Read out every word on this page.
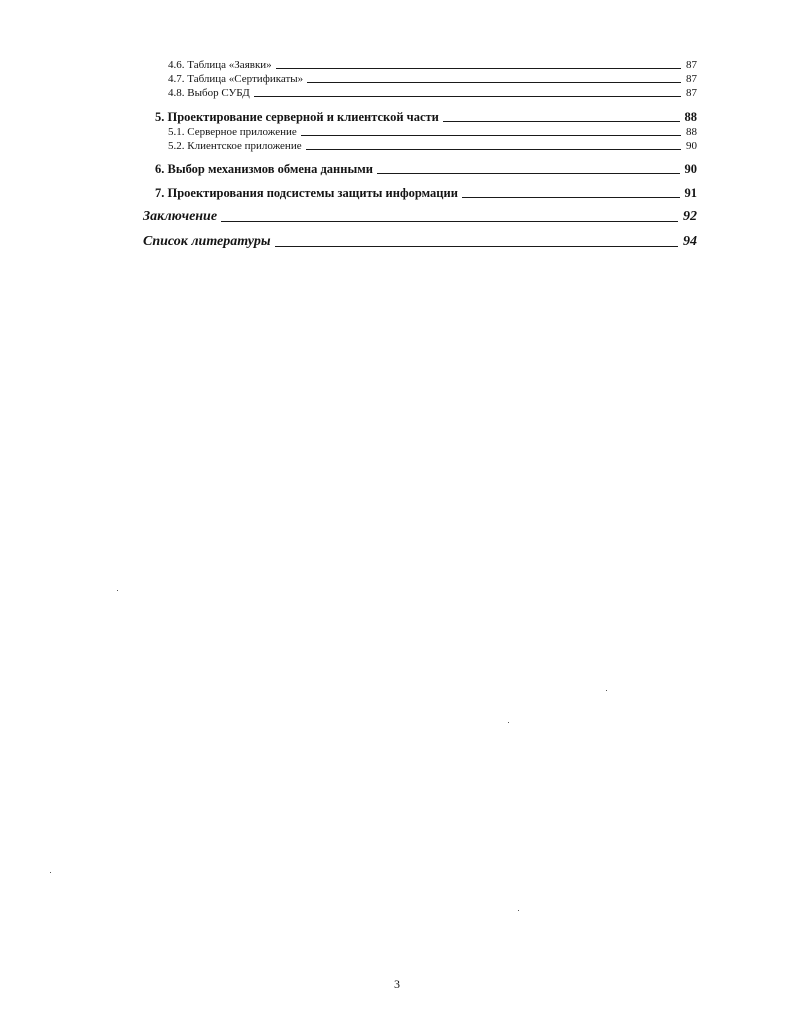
4.6. Таблица «Заявки»	87
4.7. Таблица «Сертификаты»	87
4.8. Выбор СУБД	87
5. Проектирование серверной и клиентской части	88
5.1. Серверное приложение	88
5.2. Клиентское приложение	90
6. Выбор механизмов обмена данными	90
7. Проектирования подсистемы защиты информации	91
Заключение	92
Список литературы	94
3
